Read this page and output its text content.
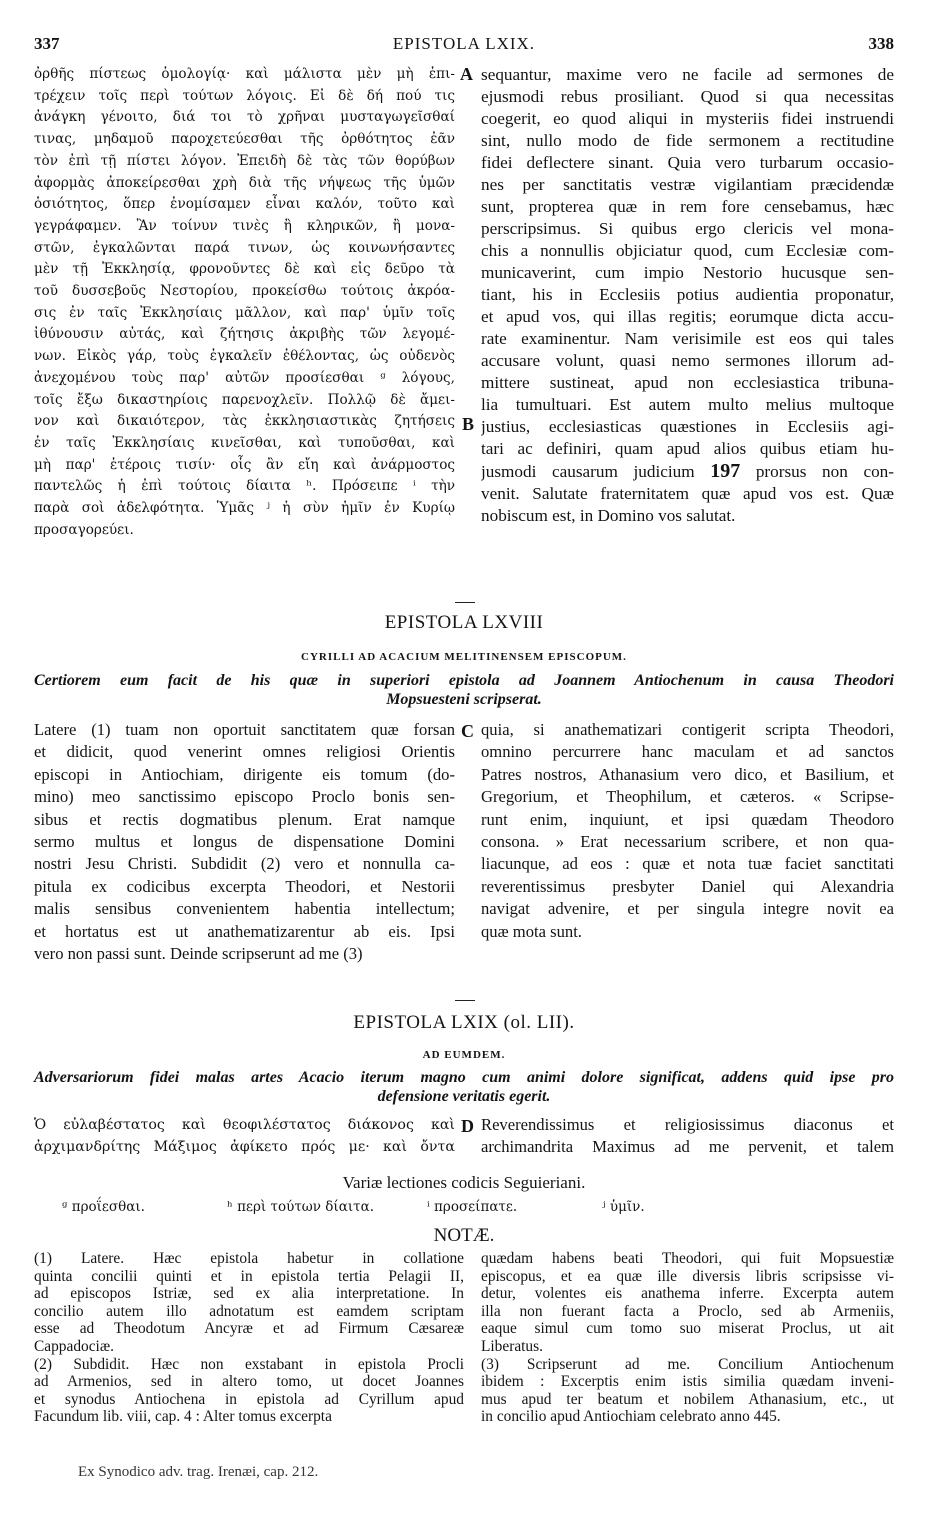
337	EPISTOLA LXIX.	338
ὀρθῆς πίστεως ὁμολογίᾳ· καὶ μάλιστα μὲν μὴ ἐπι-
τρέχειν τοῖς περὶ τούτων λόγοις. Εἰ δὲ δή πού τις
ἀνάγκη γένοιτο, διά τοι τὸ χρῆναι μυσταγωγεῖσθαί
τινας, μηδαμοῦ παροχετεύεσθαι τῆς ὀρθότητος ἐᾶν
τὸν ἐπὶ τῇ πίστει λόγον. Ἐπειδὴ δὲ τὰς τῶν θορύβων
ἀφορμὰς ἀποκείρεσθαι χρὴ διὰ τῆς νήψεως τῆς ὑμῶν
ὁσιότητος, ὅπερ ἐνομίσαμεν εἶναι καλόν, τοῦτο καὶ
γεγράφαμεν. Ἂν τοίνυν τινὲς ἢ κληρικῶν, ἢ μονα-
στῶν, ἐγκαλῶνται παρά τινων, ὡς κοινωνήσαντες
μὲν τῇ Ἐκκλησίᾳ, φρονοῦντες δὲ καὶ εἰς δεῦρο τὰ
τοῦ δυσσεβοῦς Νεστορίου, προκείσθω τούτοις ἀκρόα-
σις ἐν ταῖς Ἐκκλησίαις μᾶλλον, καὶ παρ' ὑμῖν τοῖς
ἰθύνουσιν αὐτάς, καὶ ζήτησις ἀκριβὴς τῶν λεγομέ-
νων. Εἰκὸς γάρ, τοὺς ἐγκαλεῖν ἐθέλοντας, ὡς οὐδενὸς
ἀνεχομένου τοὺς παρ' αὐτῶν προσίεσθαι ᵍ λόγους,
τοῖς ἔξω δικαστηρίοις παρενοχλεῖν. Πολλῷ δὲ ἄμει-
νον καὶ δικαιότερον, τὰς ἐκκλησιαστικὰς ζητήσεις
ἐν ταῖς Ἐκκλησίαις κινεῖσθαι, καὶ τυποῦσθαι, καὶ
μὴ παρ' ἑτέροις τισίν· οἷς ἂν εἴη καὶ ἀνάρμοστος
παντελῶς ἡ ἐπὶ τούτοις δίαιτα ʰ. Πρόσειπε ⁱ τὴν
παρὰ σοὶ ἀδελφότητα. Ὑμᾶς ʲ ἡ σὺν ἡμῖν ἐν Κυρίῳ
προσαγορεύει.
sequantur, maxime vero ne facile ad sermones de
ejusmodi rebus prosiliant. Quod si qua necessitas
coegerit, eo quod aliqui in mysteriis fidei instruendi
sint, nullo modo de fide sermonem a rectitudine
fidei deflectere sinant. Quia vero turbarum occasio-
nes per sanctitatis vestræ vigilantiam præcidendæ
sunt, propterea quæ in rem fore censebamus, hæc
perscripsimus. Si quibus ergo clericis vel mona-
chis a nonnullis objiciatur quod, cum Ecclesiæ com-
municaverint, cum impio Nestorio hucusque sen-
tiant, his in Ecclesiis potius audientia proponatur,
et apud vos, qui illas regitis; eorumque dicta accu-
rate examinentur. Nam verisimile est eos qui tales
accusare volunt, quasi nemo sermones illorum ad-
mittere sustineat, apud non ecclesiastica tribuna-
lia tumultuari. Est autem multo melius multoque
justius, ecclesiasticas quæstiones in Ecclesiis agi-
tari ac definiri, quam apud alios quibus etiam hu-
jusmodi causarum judicium 197 prorsus non con-
venit. Salutate fraternitatem quæ apud vos est. Quæ
nobiscum est, in Domino vos salutat.
A
B
EPISTOLA LXVIII
CYRILLI AD ACACIUM MELITINENSEM EPISCOPUM.
Certiorem eum facit de his quæ in superiori epistola ad Joannem Antiochenum in causa Theodori
Mopsuesteni scripserat.
Latere (1) tuam non oportuit sanctitatem quæ forsan
et didicit, quod venerint omnes religiosi Orientis
episcopi in Antiochiam, dirigente eis tomum (do-
mino) meo sanctissimo episcopo Proclo bonis sen-
sibus et rectis dogmatibus plenum. Erat namque
sermo multus et longus de dispensatione Domini
nostri Jesu Christi. Subdidit (2) vero et nonnulla ca-
pitula ex codicibus excerpta Theodori, et Nestorii
malis sensibus convenientem habentia intellectum;
et hortatus est ut anathematizarentur ab eis. Ipsi
vero non passi sunt. Deinde scripserunt ad me (3)
quia, si anathematizari contigerit scripta Theodori,
omnino percurrere hanc maculam et ad sanctos
Patres nostros, Athanasium vero dico, et Basilium, et
Gregorium, et Theophilum, et cæteros. « Scripse-
runt enim, inquiunt, et ipsi quædam Theodoro
consona. » Erat necessarium scribere, et non qua-
liacunque, ad eos : quæ et nota tuæ faciet sanctitati
reverentissimus presbyter Daniel qui Alexandria
navigat advenire, et per singula integre novit ea
quæ mota sunt.
C
EPISTOLA LXIX (ol. LII).
AD EUMDEM.
Adversariorum fidei malas artes Acacio iterum magno cum animi dolore significat, addens quid ipse pro
defensione veritatis egerit.
Ὁ εὐλαβέστατος καὶ θεοφιλέστατος διάκονος καὶ
ἀρχιμανδρίτης Μάξιμος ἀφίκετο πρός με· καὶ ὄντα
Reverendissimus et religiosissimus diaconus et
archimandrita Maximus ad me pervenit, et talem
D
Variæ lectiones codicis Seguieriani.
ᵍ προΐεσθαι.	ʰ περὶ τούτων δίαιτα.	ⁱ προσείπατε.	ʲ ὑμῖν.
NOTÆ.
(1) Latere. Hæc epistola habetur in collatione
quinta concilii quinti et in epistola tertia Pelagii II,
ad episcopos Istriæ, sed ex alia interpretatione. In
concilio autem illo adnotatum est eamdem scriptam
esse ad Theodotum Ancyræ et ad Firmum Cæsareæ
Cappadociæ.
(2) Subdidit. Hæc non exstabant in epistola Procli
ad Armenios, sed in altero tomo, ut docet Joannes
et synodus Antiochena in epistola ad Cyrillum apud
Facundum lib. viii, cap. 4 : Alter tomus excerpta
quædam habens beati Theodori, qui fuit Mopsuestiæ
episcopus, et ea quæ ille diversis libris scripsisse vi-
detur, volentes eis anathema inferre. Excerpta autem
illa non fuerant facta a Proclo, sed ab Armeniis,
eaque simul cum tomo suo miserat Proclus, ut ait
Liberatus.
(3) Scripserunt ad me. Concilium Antiochenum
ibidem : Excerptis enim istis similia quædam inveni-
mus apud ter beatum et nobilem Athanasium, etc., ut
in concilio apud Antiochiam celebrato anno 445.
Ex Synodico adv. trag. Irenæi, cap. 212.
